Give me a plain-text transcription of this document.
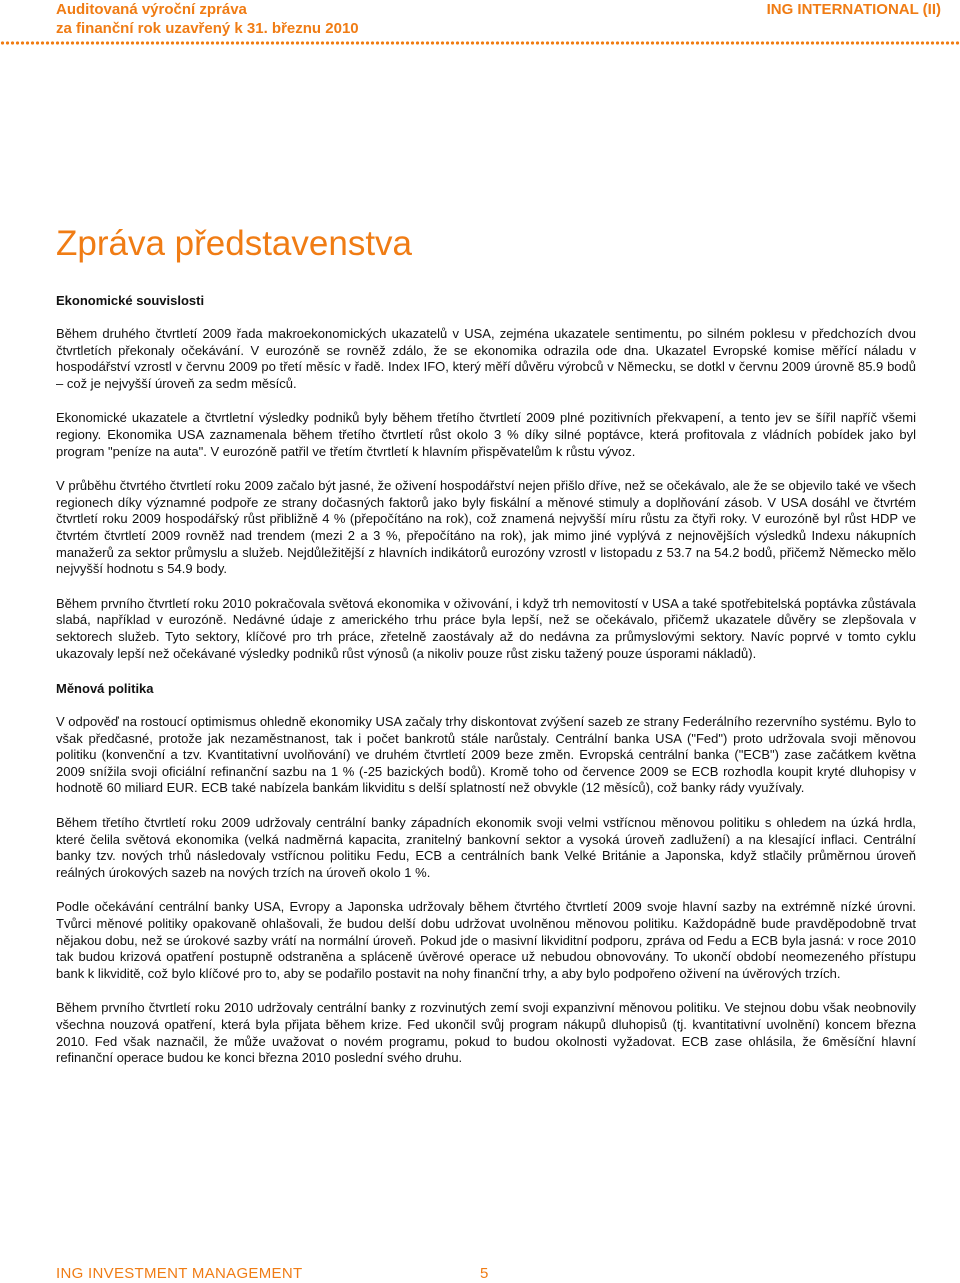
Auditovaná výroční zpráva
za finanční rok uzavřený k 31. březnu 2010
ING INTERNATIONAL (II)
Zpráva představenstva
Ekonomické souvislosti

Během druhého čtvrtletí 2009 řada makroekonomických ukazatelů v USA, zejména ukazatele sentimentu, po silném poklesu v předchozích dvou čtvrtletích překonaly očekávání. V eurozóně se rovněž zdálo, že se ekonomika odrazila ode dna. Ukazatel Evropské komise měřící náladu v hospodářství vzrostl v červnu 2009 po třetí měsíc v řadě. Index IFO, který měří důvěru výrobců v Německu, se dotkl v červnu 2009 úrovně 85.9 bodů – což je nejvyšší úroveň za sedm měsíců.

Ekonomické ukazatele a čtvrtletní výsledky podniků byly během třetího čtvrtletí 2009 plné pozitivních překvapení, a tento jev se šířil napříč všemi regiony. Ekonomika USA zaznamenala během třetího čtvrtletí růst okolo 3 % díky silné poptávce, která profitovala z vládních pobídek jako byl program "peníze na auta". V eurozóně patřil ve třetím čtvrtletí k hlavním přispěvatelům k růstu vývoz.

V průběhu čtvrtého čtvrtletí roku 2009 začalo být jasné, že oživení hospodářství nejen přišlo dříve, než se očekávalo, ale že se objevilo také ve všech regionech díky významné podpoře ze strany dočasných faktorů jako byly fiskální a měnové stimuly a doplňování zásob. V USA dosáhl ve čtvrtém čtvrtletí roku 2009 hospodářský růst přibližně 4 % (přepočítáno na rok), což znamená nejvyšší míru růstu za čtyři roky. V eurozóně byl růst HDP ve čtvrtém čtvrtletí 2009 rovněž nad trendem (mezi 2 a 3 %, přepočítáno na rok), jak mimo jiné vyplývá z nejnovějších výsledků Indexu nákupních manažerů za sektor průmyslu a služeb. Nejdůležitější z hlavních indikátorů eurozóny vzrostl v listopadu z 53.7 na 54.2 bodů, přičemž Německo mělo nejvyšší hodnotu s 54.9 body.

Během prvního čtvrtletí roku 2010 pokračovala světová ekonomika v oživování, i když trh nemovitostí v USA a také spotřebitelská poptávka zůstávala slabá, například v eurozóně. Nedávné údaje z amerického trhu práce byla lepší, než se očekávalo, přičemž ukazatele důvěry se zlepšovala v sektorech služeb. Tyto sektory, klíčové pro trh práce, zřetelně zaostávaly až do nedávna za průmyslovými sektory. Navíc poprvé v tomto cyklu ukazovaly lepší než očekávané výsledky podniků růst výnosů (a nikoliv pouze růst zisku tažený pouze úsporami nákladů).

Měnová politika

V odpověď na rostoucí optimismus ohledně ekonomiky USA začaly trhy diskontovat zvýšení sazeb ze strany Federálního rezervního systému. Bylo to však předčasné, protože jak nezaměstnanost, tak i počet bankrotů stále narůstaly. Centrální banka USA ("Fed") proto udržovala svoji měnovou politiku (konvenční a tzv. Kvantitativní uvolňování) ve druhém čtvrtletí 2009 beze změn. Evropská centrální banka ("ECB") zase začátkem května 2009 snížila svoji oficiální refinanční sazbu na 1 % (-25 bazických bodů). Kromě toho od července 2009 se ECB rozhodla koupit kryté dluhopisy v hodnotě 60 miliard EUR. ECB také nabízela bankám likviditu s delší splatností než obvykle (12 měsíců), což banky rády využívaly.

Během třetího čtvrtletí roku 2009 udržovaly centrální banky západních ekonomik svoji velmi vstřícnou měnovou politiku s ohledem na úzká hrdla, které čelila světová ekonomika (velká nadměrná kapacita, zranitelný bankovní sektor a vysoká úroveň zadlužení) a na klesající inflaci. Centrální banky tzv. nových trhů následovaly vstřícnou politiku Fedu, ECB a centrálních bank Velké Británie a Japonska, když stlačily průměrnou úroveň reálných úrokových sazeb na nových trzích na úroveň okolo 1 %.

Podle očekávání centrální banky USA, Evropy a Japonska udržovaly během čtvrtého čtvrtletí 2009 svoje hlavní sazby na extrémně nízké úrovni. Tvůrci měnové politiky opakovaně ohlašovali, že budou delší dobu udržovat uvolněnou měnovou politiku. Každopádně bude pravděpodobně trvat nějakou dobu, než se úrokové sazby vrátí na normální úroveň. Pokud jde o masivní likviditní podporu, zpráva od Fedu a ECB byla jasná: v roce 2010 tak budou krizová opatření postupně odstraněna a spláceně úvěrové operace už nebudou obnovovány. To ukončí období neomezeného přístupu bank k likviditě, což bylo klíčové pro to, aby se podařilo postavit na nohy finanční trhy, a aby bylo podpořeno oživení na úvěrových trzích.

Během prvního čtvrtletí roku 2010 udržovaly centrální banky z rozvinutých zemí svoji expanzivní měnovou politiku. Ve stejnou dobu však neobnovily všechna nouzová opatření, která byla přijata během krize. Fed ukončil svůj program nákupů dluhopisů (tj. kvantitativní uvolnění) koncem března 2010. Fed však naznačil, že může uvažovat o novém programu, pokud to budou okolnosti vyžadovat. ECB zase ohlásila, že 6měsíční hlavní refinanční operace budou ke konci března 2010 poslední svého druhu.

ING INVESTMENT MANAGEMENT	5
